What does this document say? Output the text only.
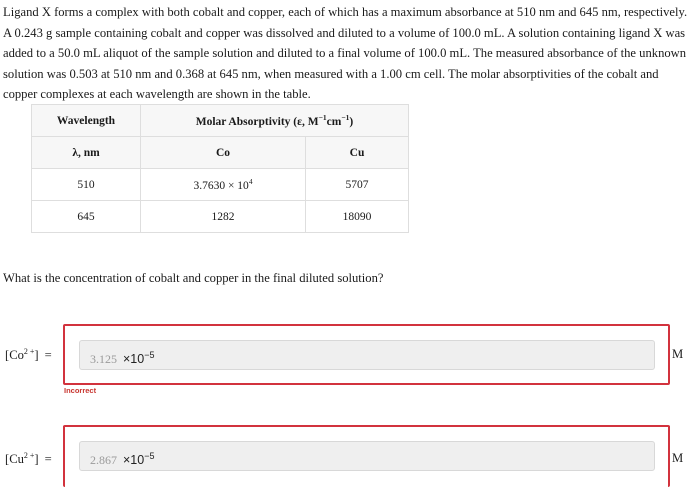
Ligand X forms a complex with both cobalt and copper, each of which has a maximum absorbance at 510 nm and 645 nm, respectively. A 0.243 g sample containing cobalt and copper was dissolved and diluted to a volume of 100.0 mL. A solution containing ligand X was added to a 50.0 mL aliquot of the sample solution and diluted to a final volume of 100.0 mL. The measured absorbance of the unknown solution was 0.503 at 510 nm and 0.368 at 645 nm, when measured with a 1.00 cm cell. The molar absorptivities of the cobalt and copper complexes at each wavelength are shown in the table.

Wavelength	Molar Absorptivity (ε, $M^{-1}cm^{-1}$)	
λ, nm	Co	Cu
510	$3.7630 \times 10^4$	5707
645	1282	18090

What is the concentration of cobalt and copper in the final diluted solution?

$[Co^{2 +}]$ =	$3.125 \times 10^{-5}$	M
Incorrect
$[Cu^{2 +}]$ =	$2.867 \times 10^{-5}$	M
